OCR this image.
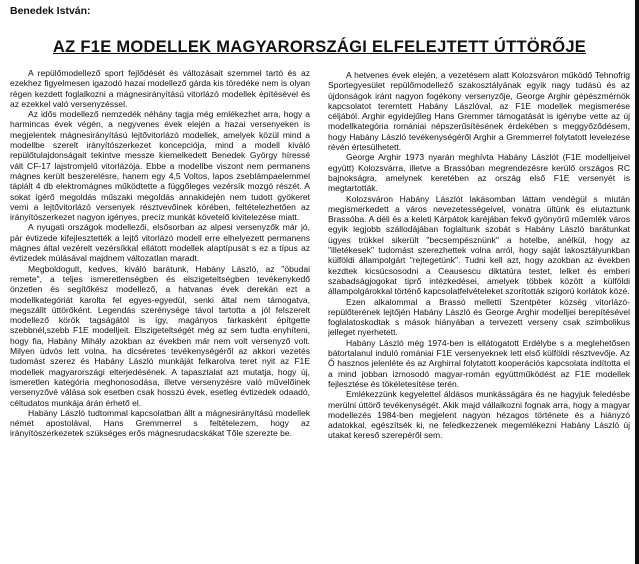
Benedek István:
AZ F1E MODELLEK MAGYARORSZÁGI ELFELEJTETT ÚTTÖRŐJE

A repülőmodellező sport fejlődését és változásait szemmel tartó és az ezekhez figyelmesen igazodó hazai modellező gárda kis töredéke nem is olyan régen kezdett foglalkozni a mágnesirányítású vitorlázó modellek építésével és az ezekkel való versenyzéssel.

Az idős modellező nemzedék néhány tagja még emlékezhet arra, hogy a harmincas évek végén, a negyvenes évek elején a hazai versenyeken is megjelentek mágnesirányítású lejtővitorlázó modellek, amelyek közül mind a modellbe szerelt irányítószerkezet koncepciója, mind a modell kiváló repülőtulajdonságait tekintve messze kiemelkedett Benedek György híressé vált CF-17 lajstromjelű vitorlázója. Ebbe a modellbe viszont nem permanens mágnes került beszerelésre, hanem egy 4,5 Voltos, lapos zseblámpaelemmel táplált 4 db elektromágnes működtette a függőleges vezérsík mozgó részét. A sokat ígérő megoldás műszaki megoldás annakidején nem tudott gyökeret verni a lejtővitorlázó versenyek résztvevőinek körében, feltételezhetően az irányítószerkezet nagyon igényes, precíz munkát követelő kivitelezése miatt.

A nyugati országok modellezői, elsősorban az alpesi versenyzők már jó, pár évtizede kifejlesztették a lejtő vitorlázó modell erre elhelyezett permanens mágnes által vezérelt vezérsíkkal ellátott modellek alaptípusát s ez a típus az évtizedek múlásával majdnem változatlan maradt.

Megboldogult, kedves, kiváló barátunk, Habány László, az "öbudai remete", a teljes ismeretlenségben és elszigeteltségben tevékenykedő önzetlen és segítőkész modellező, a hatvanas évek derekán ezt a modellkategóriát karolta fel egyes-egyedül, senki által nem támogatva, megszállt úttörőként. Legendás szerénysége távol tartotta a jól felszerelt modellező körök tagságától is így, magányos farkasként építgette szebbnél,szebb F1E modelljeit. Elszigeteltségét még az sem tudta enyhíteni, hogy fia, Habány Mihály azokban az években már nem volt versenyző volt. Milyen üdvös lett volna, ha dicséretes tevékenységéről az akkori vezetés tudomást szerez és Habány László munkáját felkarolva teret nyit az F1E modellek magyarországi elterjedésének. A tapasztalat azt mutatja, hogy új, ismeretlen kategória meghonosodása, illetve versenyzésre való művelőinek versenyzővé válása sok esetben csak hosszú évek, esetleg évtizedek odaadó, céltudatos munkája árán érhető el.

Habány László tudtommal kapcsolatban állt a mágnesirányítású modellek német apostolával, Hans Gremmerrel s feltételezem, hogy az irányítószerkezetek szükséges erős mágnesrudacskákat Tőle szerezte be.

A hetvenes évek elején, a vezetésem alatt Kolozsváron működő Tehnofrig Sportegyesület repülőmodellező szakosztályának egyik nagy tudású és az újdonságok iránt nagyon fogékony versenyzője, George Arghir gépészmérnök kapcsolatot teremtett Habány Lászlóval, az F1E modellek megismerése céljából. Arghir egyidejűleg Hans Gremmer támogatását is igénybe vette az új modellkategória romániai népszerűsítésének érdekében s meggyőződésem, hogy Habány László tevékenységéről Arghir a Gremmerrel folytatott levelezése révén értesülhetett.

George Arghir 1973 nyarán meghívta Habány Lászlót (F1E modelljeivel együtt) Kolozsvárra, illetve a Brassóban megrendezésre kerülő országos RC bajnokságra, amelynek keretében az ország első F1E versenyét is megtartották.

Kolozsváron Habány Lászlót lakásomban láttam vendégül s miután megismerkedett a város nevezetességeivel, vonatra ültünk és elutaztunk Brassóba. A déli és a keleti Kárpátok karéjában fekvő gyönyörű műemlék város egyik legjobb szállodájában foglaltunk szobát s Habány László barátunkat ügyes trükkel sikerült "becsempésznünk" a hotelbe, anélkül, hogy az "illetékesek" tudomást szerezhettek volna arról, hogy saját lakosztályunkban külföldi állampolgárt "rejtegetünk". Tudni kell azt, hogy azokban az években kezdtek kicsúcsosodni a Ceausescu diktatúra testet, lelket és emberi szabadságjogokat tiprő intézkedései, amelyek többek között a külföldi állampolgárokkal történő kapcsolatfelvételeket szorították szigorú korlátok közé.

Ezen alkalommal a Brassó melletti Szentpéter község vitorlázó-repülőterének lejtőjén Habány László és George Arghir modelljei berepítésével foglalatoskodtak s mások hiányában a tervezett verseny csak szimbolikus jelleget nyerhetett.

Habány László még 1974-ben is ellátogatott Erdélybe s a meglehetősen bátortalanul induló romániai F1E versenyeknek lett első külföldi résztvevője. Az Ő hasznos jelenléte és az Arghirral folytatott kooperációs kapcsolata indította el a mind jobban izmosodó magyar-román együttműködést az F1E modellek fejlesztése és tökéletesítése terén.

Emlékezzünk kegyelettel áldásos munkásságára és ne hagyjuk feledésbe merülni úttörő tevékenységét. Akik majd vállalkozni fognak arra, hogy a magyar modellezés 1984-ben megjelent nagyon hézagos története és a hiányzó adatokkal, egészítsék ki, ne feledkezzenek megemlékezni Habány László új utakat kereső szerepéről sem.
